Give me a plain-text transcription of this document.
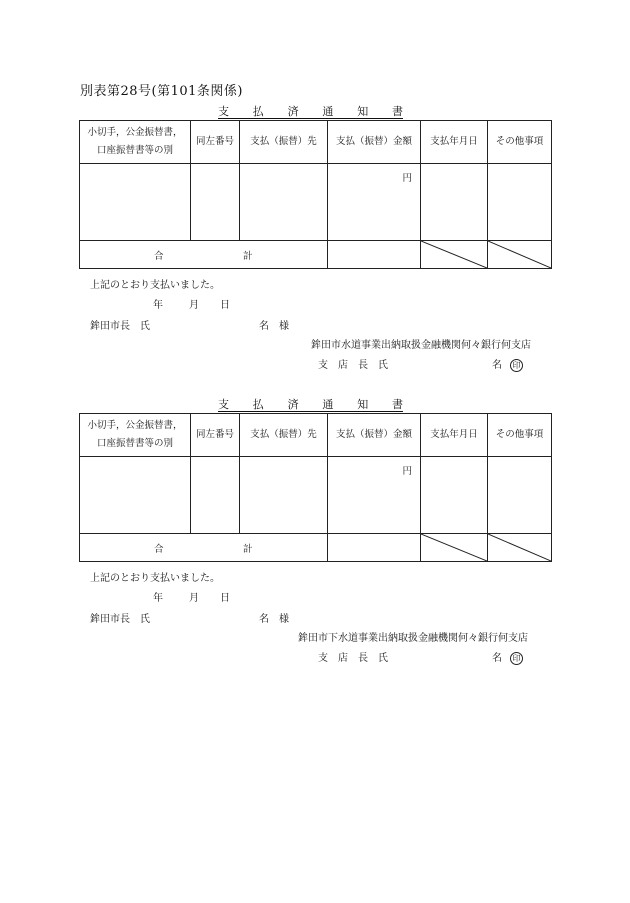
別表第28号(第101条関係)
支払済通知書
小切手，公金振替書，
口座振替書等の別	同左番号	支払（振替）先	支払（振替）金額	支払年月日	その他事項

			円		

合 計

上記のとおり支払いました。
年	月 日
鉾田市長　氏	名　様
鉾田市水道事業出納取扱金融機関何々銀行何支店
支　店　長　氏	名	印
支払済通知書
小切手，公金振替書，
口座振替書等の別	同左番号	支払（振替）先	支払（振替）金額	支払年月日	その他事項

			円		

合 計

上記のとおり支払いました。
年	月 日
鉾田市長　氏	名　様
鉾田市下水道事業出納取扱金融機関何々銀行何支店
支　店　長　氏	名	印
